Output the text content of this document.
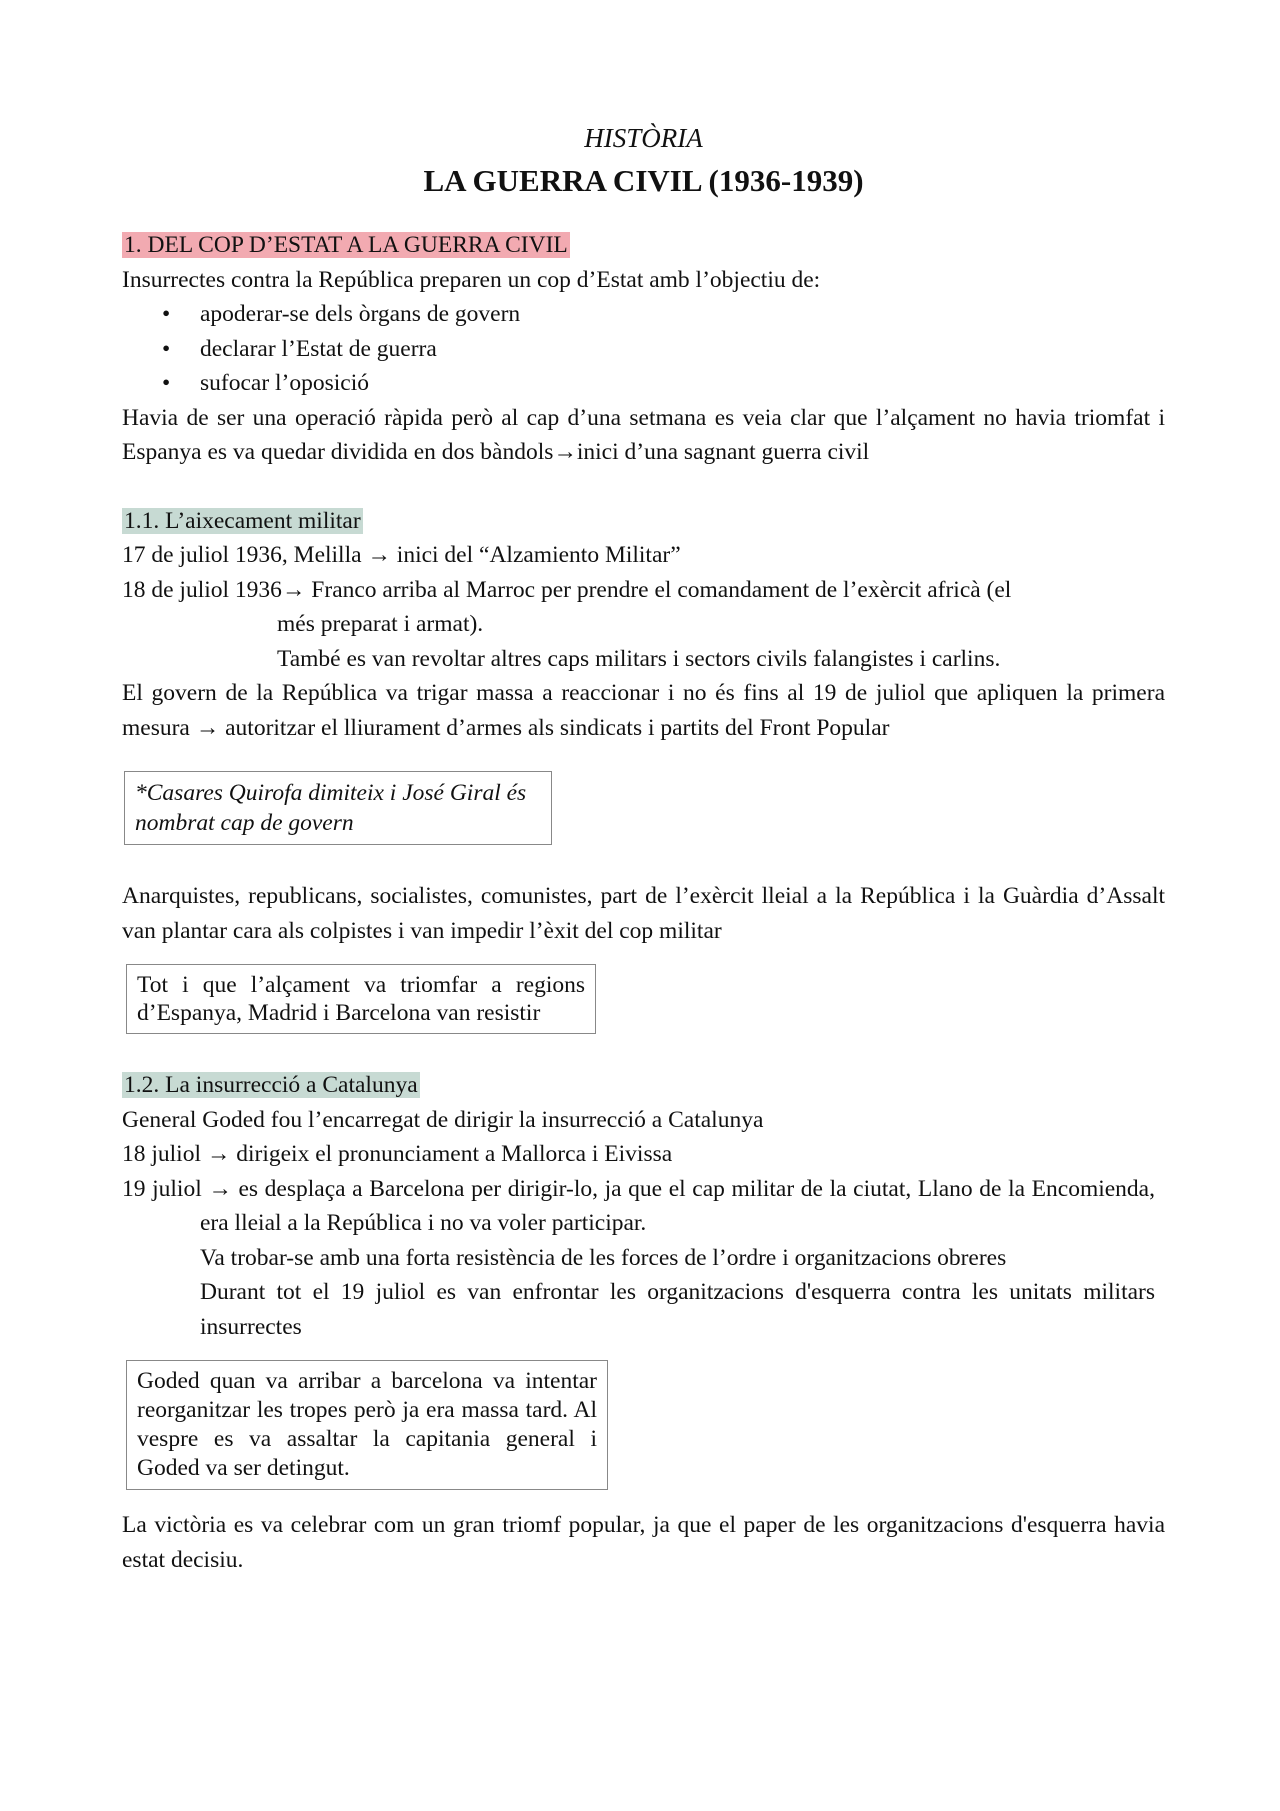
HISTÒRIA

LA GUERRA CIVIL (1936-1939)

1. DEL COP D’ESTAT A LA GUERRA CIVIL

Insurrectes contra la República preparen un cop d’Estat amb l’objectiu de:

• apoderar-se dels òrgans de govern
• declarar l’Estat de guerra
• sufocar l’oposició

Havia de ser una operació ràpida però al cap d’una setmana es veia clar que l’alçament no havia triomfat i Espanya es va quedar dividida en dos bàndols→inici d’una sagnant guerra civil

1.1. L’aixecament militar

17 de juliol 1936, Melilla → inici del “Alzamiento Militar”

18 de juliol 1936→ Franco arriba al Marroc per prendre el comandament de l’exèrcit africà (el

més preparat i armat).

També es van revoltar altres caps militars i sectors civils falangistes i carlins.

El govern de la República va trigar massa a reaccionar i no és fins al 19 de juliol que apliquen la primera mesura → autoritzar el lliurament d’armes als sindicats i partits del Front Popular

*Casares Quirofa dimiteix i José Giral és nombrat cap de govern

Anarquistes, republicans, socialistes, comunistes, part de l’exèrcit lleial a la República i la Guàrdia d’Assalt van plantar cara als colpistes i van impedir l’èxit del cop militar

Tot i que l’alçament va triomfar a regions d’Espanya, Madrid i Barcelona van resistir

1.2. La insurrecció a Catalunya

General Goded fou l’encarregat de dirigir la insurrecció a Catalunya

18 juliol → dirigeix el pronunciament a Mallorca i Eivissa

19 juliol → es desplaça a Barcelona per dirigir-lo, ja que el cap militar de la ciutat, Llano de la Encomienda, era lleial a la República i no va voler participar.

Va trobar-se amb una forta resistència de les forces de l’ordre i organitzacions obreres

Durant tot el 19 juliol es van enfrontar les organitzacions d'esquerra contra les unitats militars insurrectes

Goded quan va arribar a barcelona va intentar reorganitzar les tropes però ja era massa tard. Al vespre es va assaltar la capitania general i Goded va ser detingut.

La victòria es va celebrar com un gran triomf popular, ja que el paper de les organitzacions d'esquerra havia estat decisiu.
